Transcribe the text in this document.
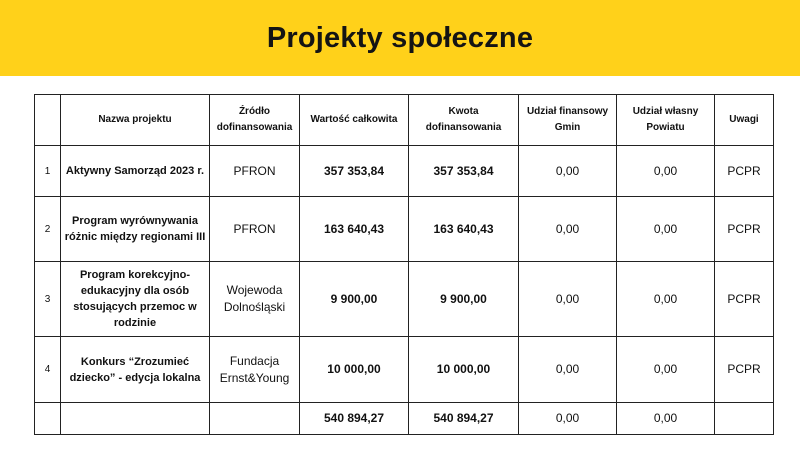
Projekty społeczne
	Nazwa projektu	Źródło dofinansowania	Wartość całkowita	Kwota dofinansowania	Udział finansowy Gmin	Udział własny Powiatu	Uwagi
1	Aktywny Samorząd 2023 r.	PFRON	357 353,84	357 353,84	0,00	0,00	PCPR
2	Program wyrównywania różnic między regionami III	PFRON	163 640,43	163 640,43	0,00	0,00	PCPR
3	Program korekcyjno-edukacyjny dla osób stosujących przemoc w rodzinie	Wojewoda Dolnośląski	9 900,00	9 900,00	0,00	0,00	PCPR
4	Konkurs “Zrozumieć dziecko” - edycja lokalna	Fundacja Ernst&Young	10 000,00	10 000,00	0,00	0,00	PCPR
			540 894,27	540 894,27	0,00	0,00	
